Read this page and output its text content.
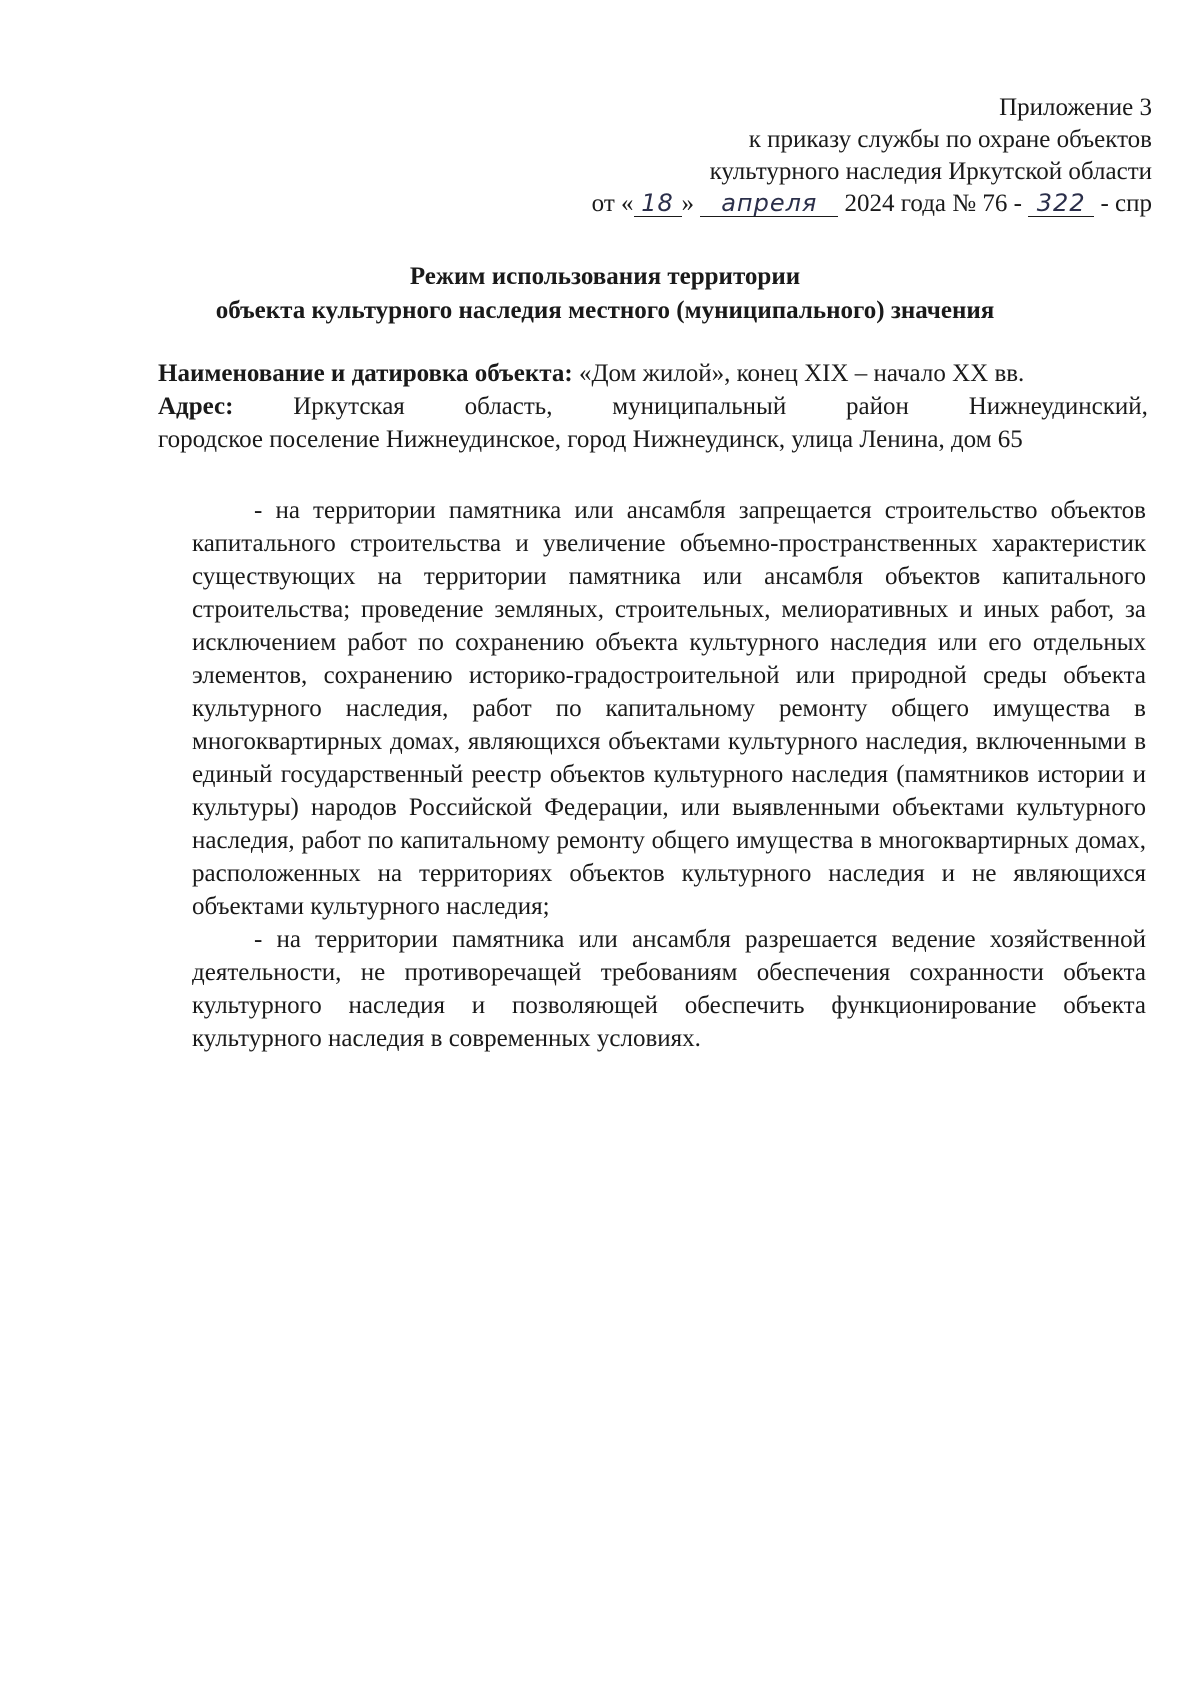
Приложение 3
к приказу службы по охране объектов
культурного наследия Иркутской области
от « 18 » апреля 2024 года № 76 - 322 - спр
Режим использования территории
объекта культурного наследия местного (муниципального) значения
Наименование и датировка объекта: «Дом жилой», конец XIX – начало XX вв.
Адрес: Иркутская область, муниципальный район Нижнеудинский,
городское поселение Нижнеудинское, город Нижнеудинск, улица Ленина, дом 65

- на территории памятника или ансамбля запрещается строительство объектов капитального строительства и увеличение объемно-пространственных характеристик существующих на территории памятника или ансамбля объектов капитального строительства; проведение земляных, строительных, мелиоративных и иных работ, за исключением работ по сохранению объекта культурного наследия или его отдельных элементов, сохранению историко-градостроительной или природной среды объекта культурного наследия, работ по капитальному ремонту общего имущества в многоквартирных домах, являющихся объектами культурного наследия, включенными в единый государственный реестр объектов культурного наследия (памятников истории и культуры) народов Российской Федерации, или выявленными объектами культурного наследия, работ по капитальному ремонту общего имущества в многоквартирных домах, расположенных на территориях объектов культурного наследия и не являющихся объектами культурного наследия;

- на территории памятника или ансамбля разрешается ведение хозяйственной деятельности, не противоречащей требованиям обеспечения сохранности объекта культурного наследия и позволяющей обеспечить функционирование объекта культурного наследия в современных условиях.
